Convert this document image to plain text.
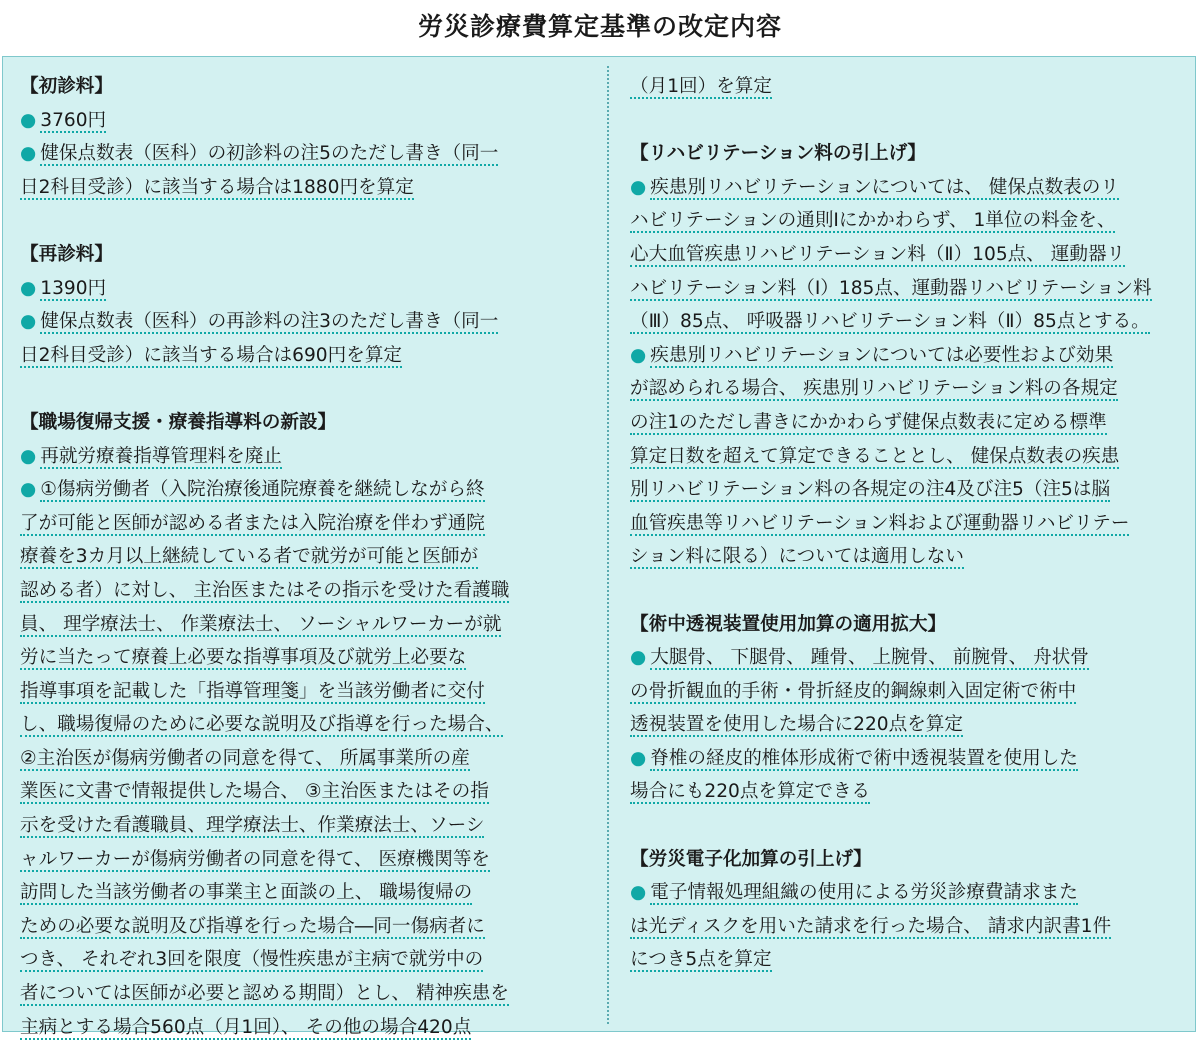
労災診療費算定基準の改定内容
【初診料】
● 3760円
● 健保点数表（医科）の初診料の注5のただし書き（同一
日2科目受診）に該当する場合は1880円を算定
【再診料】
● 1390円
● 健保点数表（医科）の再診料の注3のただし書き（同一
日2科目受診）に該当する場合は690円を算定
【職場復帰支援・療養指導料の新設】
● 再就労療養指導管理料を廃止
● ①傷病労働者（入院治療後通院療養を継続しながら終
了が可能と医師が認める者または入院治療を伴わず通院
療養を3カ月以上継続している者で就労が可能と医師が
認める者）に対し、 主治医またはその指示を受けた看護職
員、 理学療法士、 作業療法士、 ソーシャルワーカーが就
労に当たって療養上必要な指導事項及び就労上必要な
指導事項を記載した「指導管理箋」を当該労働者に交付
し、職場復帰のために必要な説明及び指導を行った場合、
②主治医が傷病労働者の同意を得て、 所属事業所の産
業医に文書で情報提供した場合、 ③主治医またはその指
示を受けた看護職員、理学療法士、作業療法士、ソーシ
ャルワーカーが傷病労働者の同意を得て、 医療機関等を
訪問した当該労働者の事業主と面談の上、 職場復帰の
ための必要な説明及び指導を行った場合―同一傷病者に
つき、 それぞれ3回を限度（慢性疾患が主病で就労中の
者については医師が必要と認める期間）とし、 精神疾患を
主病とする場合560点（月1回）、 その他の場合420点
（月1回）を算定
【リハビリテーション料の引上げ】
● 疾患別リハビリテーションについては、 健保点数表のリ
ハビリテーションの通則Iにかかわらず、 1単位の料金を、
心大血管疾患リハビリテーション料（Ⅱ）105点、 運動器リ
ハビリテーション料（Ⅰ）185点、運動器リハビリテーション料
（Ⅲ）85点、 呼吸器リハビリテーション料（Ⅱ）85点とする。
● 疾患別リハビリテーションについては必要性および効果
が認められる場合、 疾患別リハビリテーション料の各規定
の注1のただし書きにかかわらず健保点数表に定める標準
算定日数を超えて算定できることとし、 健保点数表の疾患
別リハビリテーション料の各規定の注4及び注5（注5は脳
血管疾患等リハビリテーション料および運動器リハビリテー
ション料に限る）については適用しない
【術中透視装置使用加算の適用拡大】
● 大腿骨、 下腿骨、 踵骨、 上腕骨、 前腕骨、 舟状骨
の骨折観血的手術・骨折経皮的鋼線刺入固定術で術中
透視装置を使用した場合に220点を算定
● 脊椎の経皮的椎体形成術で術中透視装置を使用した
場合にも220点を算定できる
【労災電子化加算の引上げ】
● 電子情報処理組織の使用による労災診療費請求また
は光ディスクを用いた請求を行った場合、 請求内訳書1件
につき5点を算定
